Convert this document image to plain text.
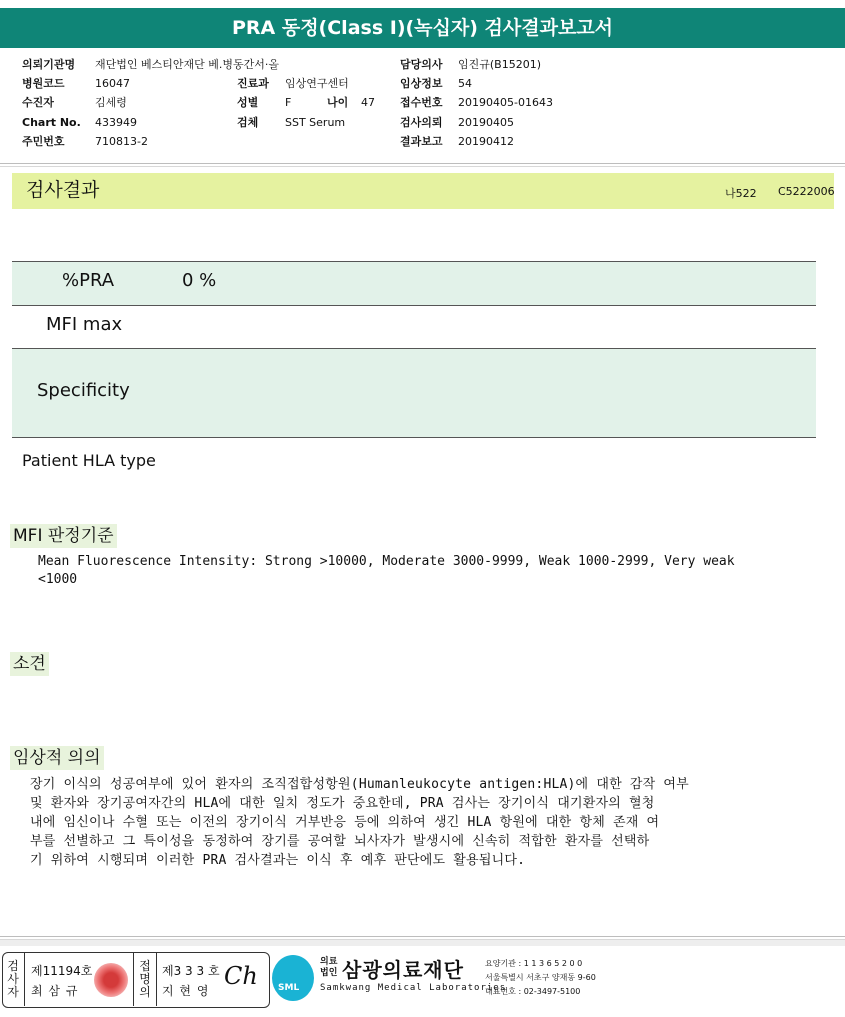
PRA 동정(Class I)(녹십자) 검사결과보고서
의뢰기관명 재단법인 베스티안재단 베.병동간서·올
병원코드	16047
수진자	김세령
Chart No. 433949
주민번호	710813-2
진료과 임상연구센터
성별 F	나이 47
검체 SST Serum
담당의사 임진규(B15201)
임상정보 54
접수번호 20190405-01643
검사의뢰 20190405
결과보고 20190412
검사결과	나522 C5222006
%PRA	0 %
MFI max
Specificity
Patient HLA type
MFI 판정기준
Mean Fluorescence Intensity: Strong >10000, Moderate 3000-9999, Weak 1000-2999, Very weak
<1000
소견
임상적 의의
장기 이식의 성공여부에 있어 환자의 조직접합성항원(Humanleukocyte antigen:HLA)에 대한 감작 여부
및 환자와 장기공여자간의 HLA에 대한 일치 정도가 중요한데, PRA 검사는 장기이식 대기환자의 혈청
내에 임신이나 수혈 또는 이전의 장기이식 거부반응 등에 의하여 생긴 HLA 항원에 대한 항체 존재 여
부를 선별하고 그 특이성을 동정하여 장기를 공여할 뇌사자가 발생시에 신속히 적합한 환자를 선택하
기 위하여 시행되며 이러한 PRA 검사결과는 이식 후 예후 판단에도 활용됩니다.
검
사
자
제11194호
최 삼 규
접
명
의
제3 3 3 호
지 현 영
Ch SML
의료
법인 삼광의료재단
Samkwang Medical Laboratories
요양기관 : 1 1 3 6 5 2 0 0
서울특별시 서초구 양재동 9-60
대표번호 : 02-3497-5100
